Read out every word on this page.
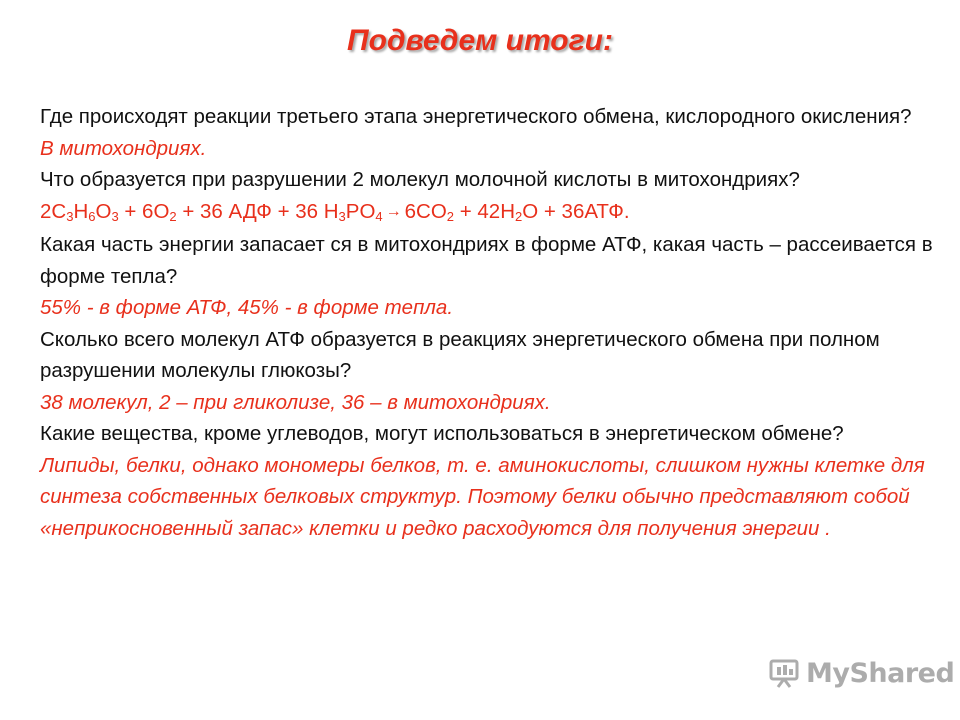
Подведем итоги:

Где происходят реакции третьего этапа энергетического обмена, кислородного окисления?

В митохондриях.

Что образуется при разрушении 2 молекул молочной кислоты в митохондриях?

$2C_3H_6O_3 + 6O_2 + 36$ АДФ + 36 $H_3PO_4 \to 6CO_2 + 42H_2O + 36АТФ$.

Какая часть энергии запасает ся в митохондриях в форме АТФ, какая часть – рассеивается в форме тепла?

55% - в форме АТФ, 45% - в форме тепла.

Сколько всего молекул АТФ образуется в реакциях энергетического обмена при полном разрушении молекулы глюкозы?

38 молекул, 2 – при гликолизе, 36 – в митохондриях.

Какие вещества, кроме углеводов, могут использоваться в энергетическом обмене?

Липиды, белки, однако мономеры белков, т. е. аминокислоты, слишком нужны клетке для синтеза собственных белковых структур. Поэтому белки обычно представляют собой «неприкосновенный запас» клетки и редко расходуются для получения энергии .

MyShared
